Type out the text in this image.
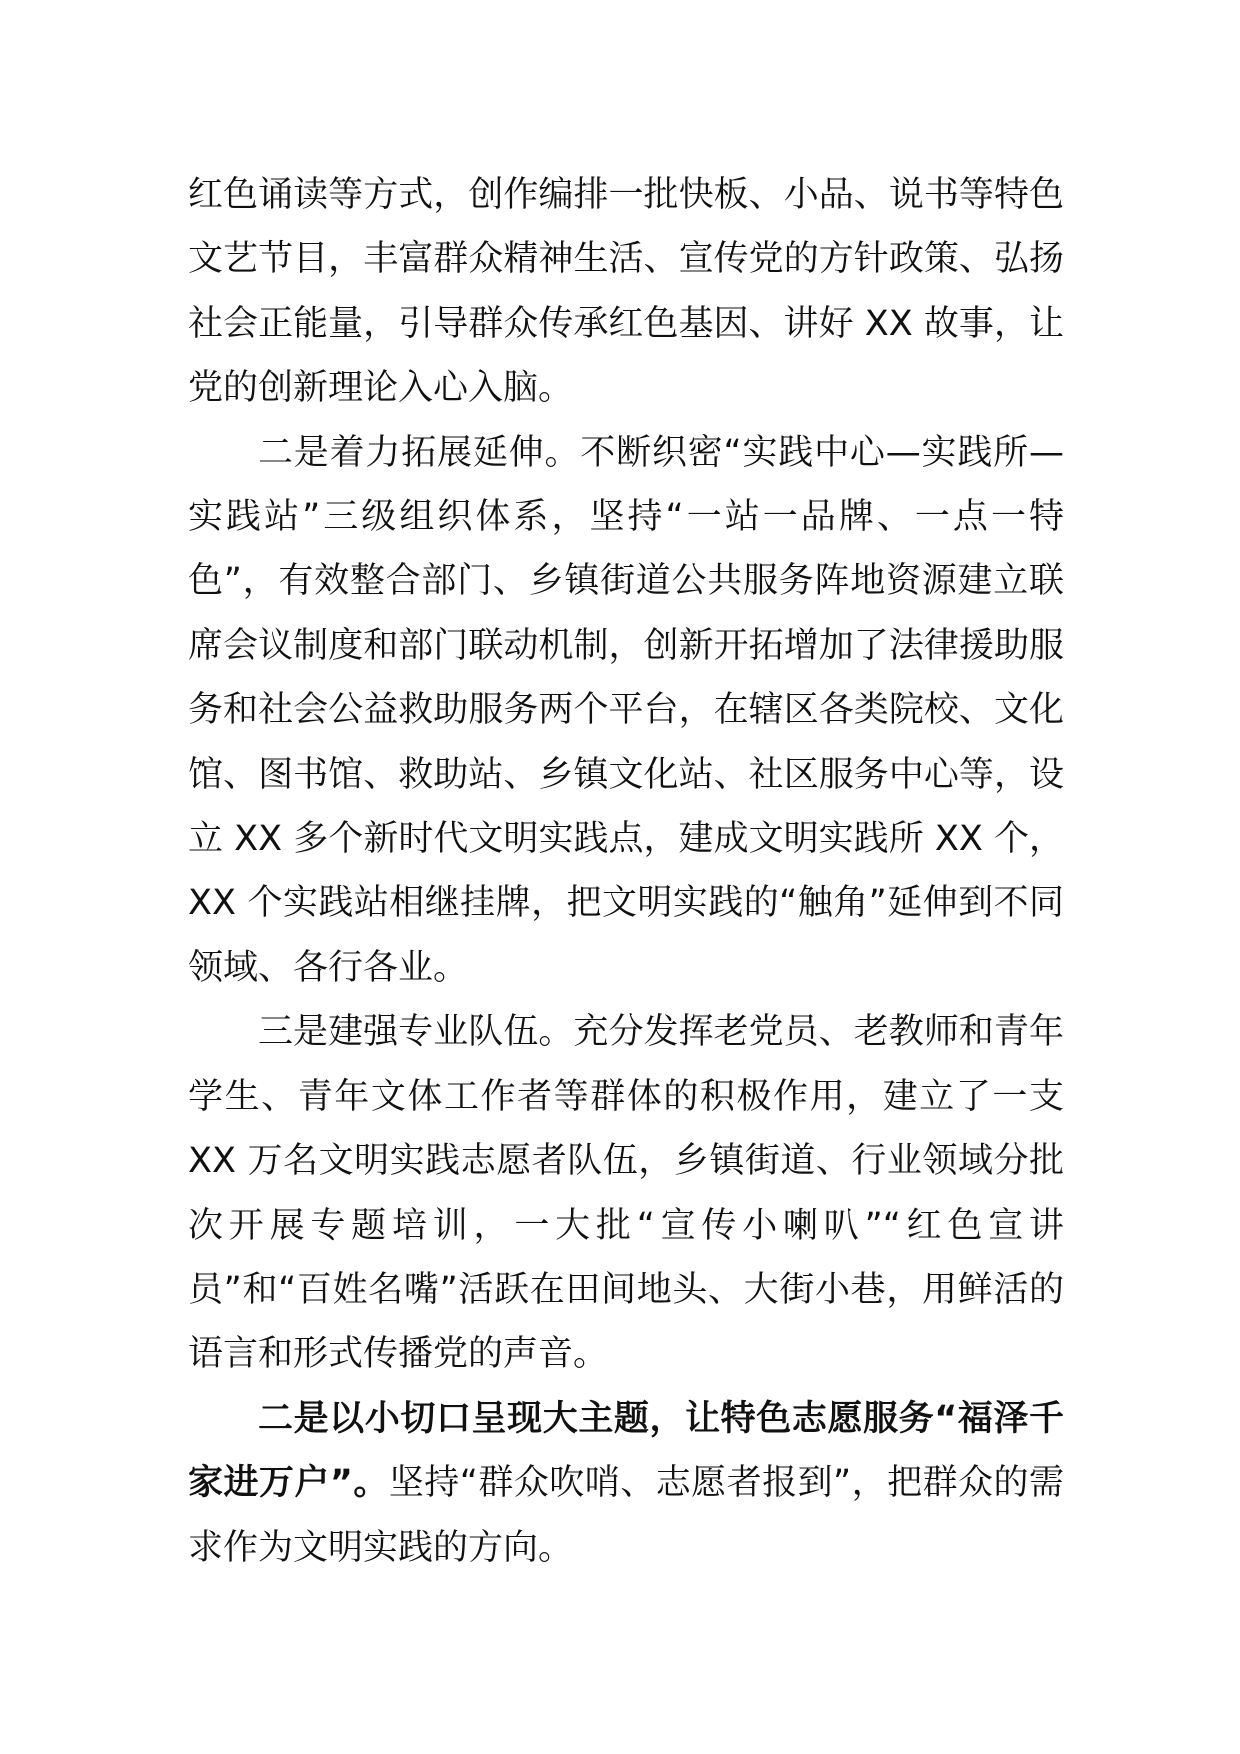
红色诵读等方式，创作编排一批快板、小品、说书等特色文艺节目，丰富群众精神生活、宣传党的方针政策、弘扬社会正能量，引导群众传承红色基因、讲好 XX 故事，让党的创新理论入心入脑。

二是着力拓展延伸。不断织密“实践中心—实践所—实践站”三级组织体系，坚持“一站一品牌、一点一特色”，有效整合部门、乡镇街道公共服务阵地资源建立联席会议制度和部门联动机制，创新开拓增加了法律援助服务和社会公益救助服务两个平台，在辖区各类院校、文化馆、图书馆、救助站、乡镇文化站、社区服务中心等，设立 XX 多个新时代文明实践点，建成文明实践所 XX 个，XX 个实践站相继挂牌，把文明实践的“触角”延伸到不同领域、各行各业。

三是建强专业队伍。充分发挥老党员、老教师和青年学生、青年文体工作者等群体的积极作用，建立了一支 XX 万名文明实践志愿者队伍，乡镇街道、行业领域分批次开展专题培训，一大批“宣传小喇叭”“红色宣讲员”和“百姓名嘴”活跃在田间地头、大街小巷，用鲜活的语言和形式传播党的声音。

二是以小切口呈现大主题，让特色志愿服务“福泽千家进万户”。坚持“群众吹哨、志愿者报到”，把群众的需求作为文明实践的方向。
